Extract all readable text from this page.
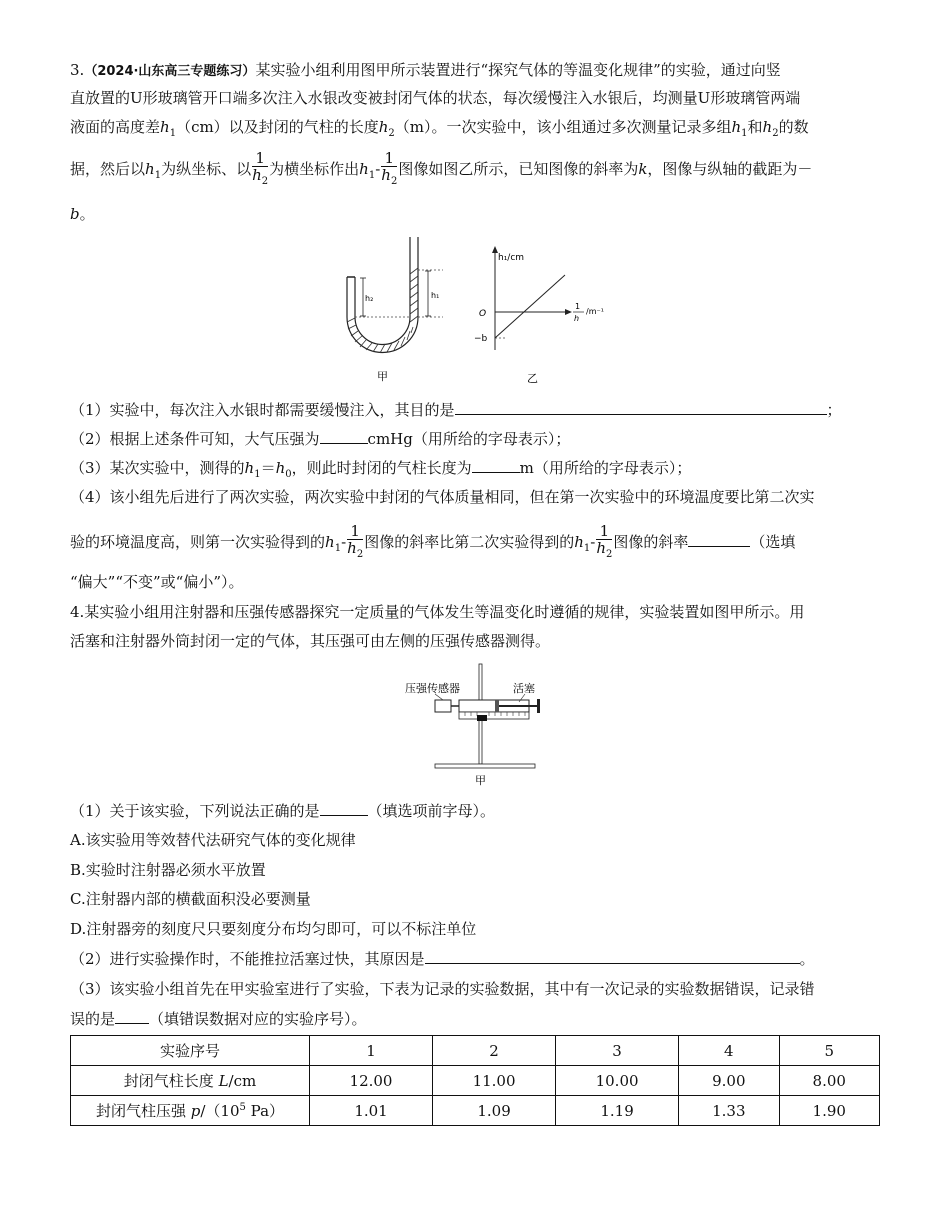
3.（2024·山东高三专题练习）某实验小组利用图甲所示装置进行“探究气体的等温变化规律”的实验，通过向竖
直放置的U形玻璃管开口端多次注入水银改变被封闭气体的状态，每次缓慢注入水银后，均测量U形玻璃管两端
液面的高度差$h_1(cm)$以及封闭的气柱的长度$h_2(m)$。一次实验中，该小组通过多次测量记录多组$h_1$和$h_2$的数
据，然后以$h_1$为纵坐标、以 $\frac{1}{h_2}$ 为横坐标作出$h_1- \frac{1}{h_2}$ 图像如图乙所示，已知图像的斜率为k，图像与纵轴的截距为－
b。
h₂	h₁
甲
h₁/cm
O
−b
1
h
/m⁻¹
乙
（1）实验中，每次注入水银时都需要缓慢注入，其目的是	；
（2）根据上述条件可知，大气压强为	cmHg（用所给的字母表示）；
（3）某次实验中，测得的$h_1=h_0$，则此时封闭的气柱长度为	m（用所给的字母表示）；
（4）该小组先后进行了两次实验，两次实验中封闭的气体质量相同，但在第一次实验中的环境温度要比第二次实
验的环境温度高，则第一次实验得到的$h_1- \frac{1}{h_2}$ 图像的斜率比第二次实验得到的$h_1- \frac{1}{h_2}$ 图像的斜率	（选填
“偏大”“不变”或“偏小”）。
4.某实验小组用注射器和压强传感器探究一定质量的气体发生等温变化时遵循的规律，实验装置如图甲所示。用
活塞和注射器外筒封闭一定的气体，其压强可由左侧的压强传感器测得。
压强传感器	活塞
甲
（1）关于该实验，下列说法正确的是	（填选项前字母）。
A.该实验用等效替代法研究气体的变化规律
B.实验时注射器必须水平放置
C.注射器内部的横截面积没必要测量
D.注射器旁的刻度尺只要刻度分布均匀即可，可以不标注单位
（2）进行实验操作时，不能推拉活塞过快，其原因是	。
（3）该实验小组首先在甲实验室进行了实验，下表为记录的实验数据，其中有一次记录的实验数据错误，记录错
误的是 （填错误数据对应的实验序号）。
实验序号	1	2	3	4	5
封闭气柱长度 L/cm	12.00	11.00	10.00	9.00	8.00
封闭气柱压强 $p/(10^5$ Pa）	1.01	1.09	1.19	1.33	1.90
